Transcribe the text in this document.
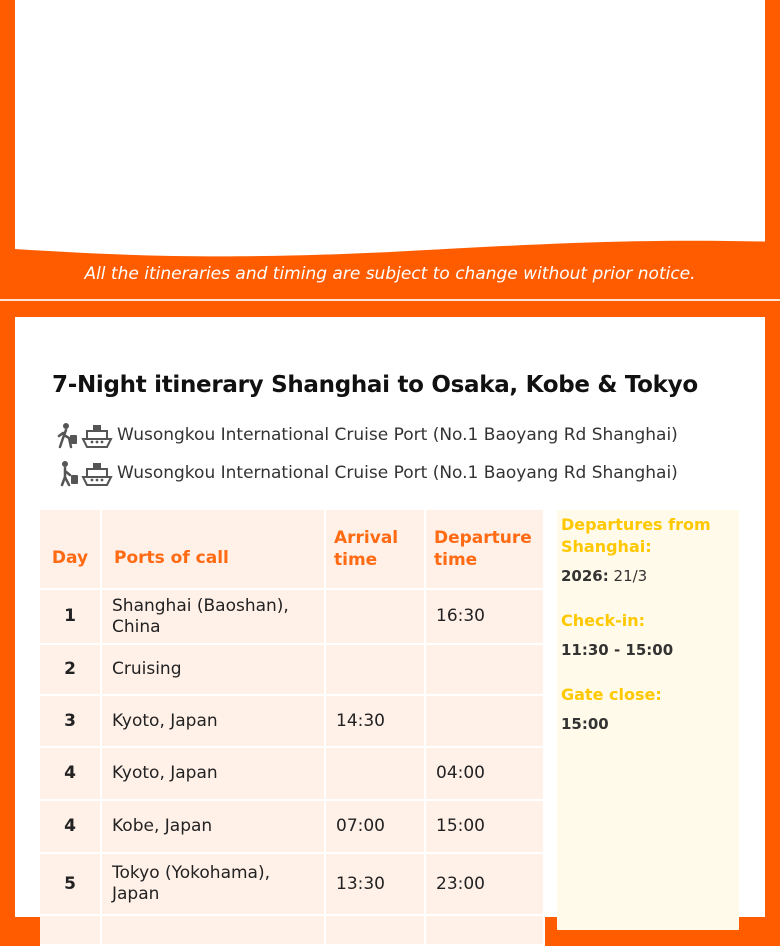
All the itineraries and timing are subject to change without prior notice.
7-Night itinerary Shanghai to Osaka, Kobe & Tokyo
Wusongkou International Cruise Port (No.1 Baoyang Rd Shanghai)
Wusongkou International Cruise Port (No.1 Baoyang Rd Shanghai)
Day	Ports of call	Arrival time	Departure time
1	Shanghai (Baoshan), China		16:30
2	Cruising		
3	Kyoto, Japan	14:30	
4	Kyoto, Japan		04:00
4	Kobe, Japan	07:00	15:00
5	Tokyo (Yokohama), Japan	13:30	23:00

Departures from Shanghai:

2026: 21/3

Check-in:

11:30 - 15:00

Gate close:

15:00
